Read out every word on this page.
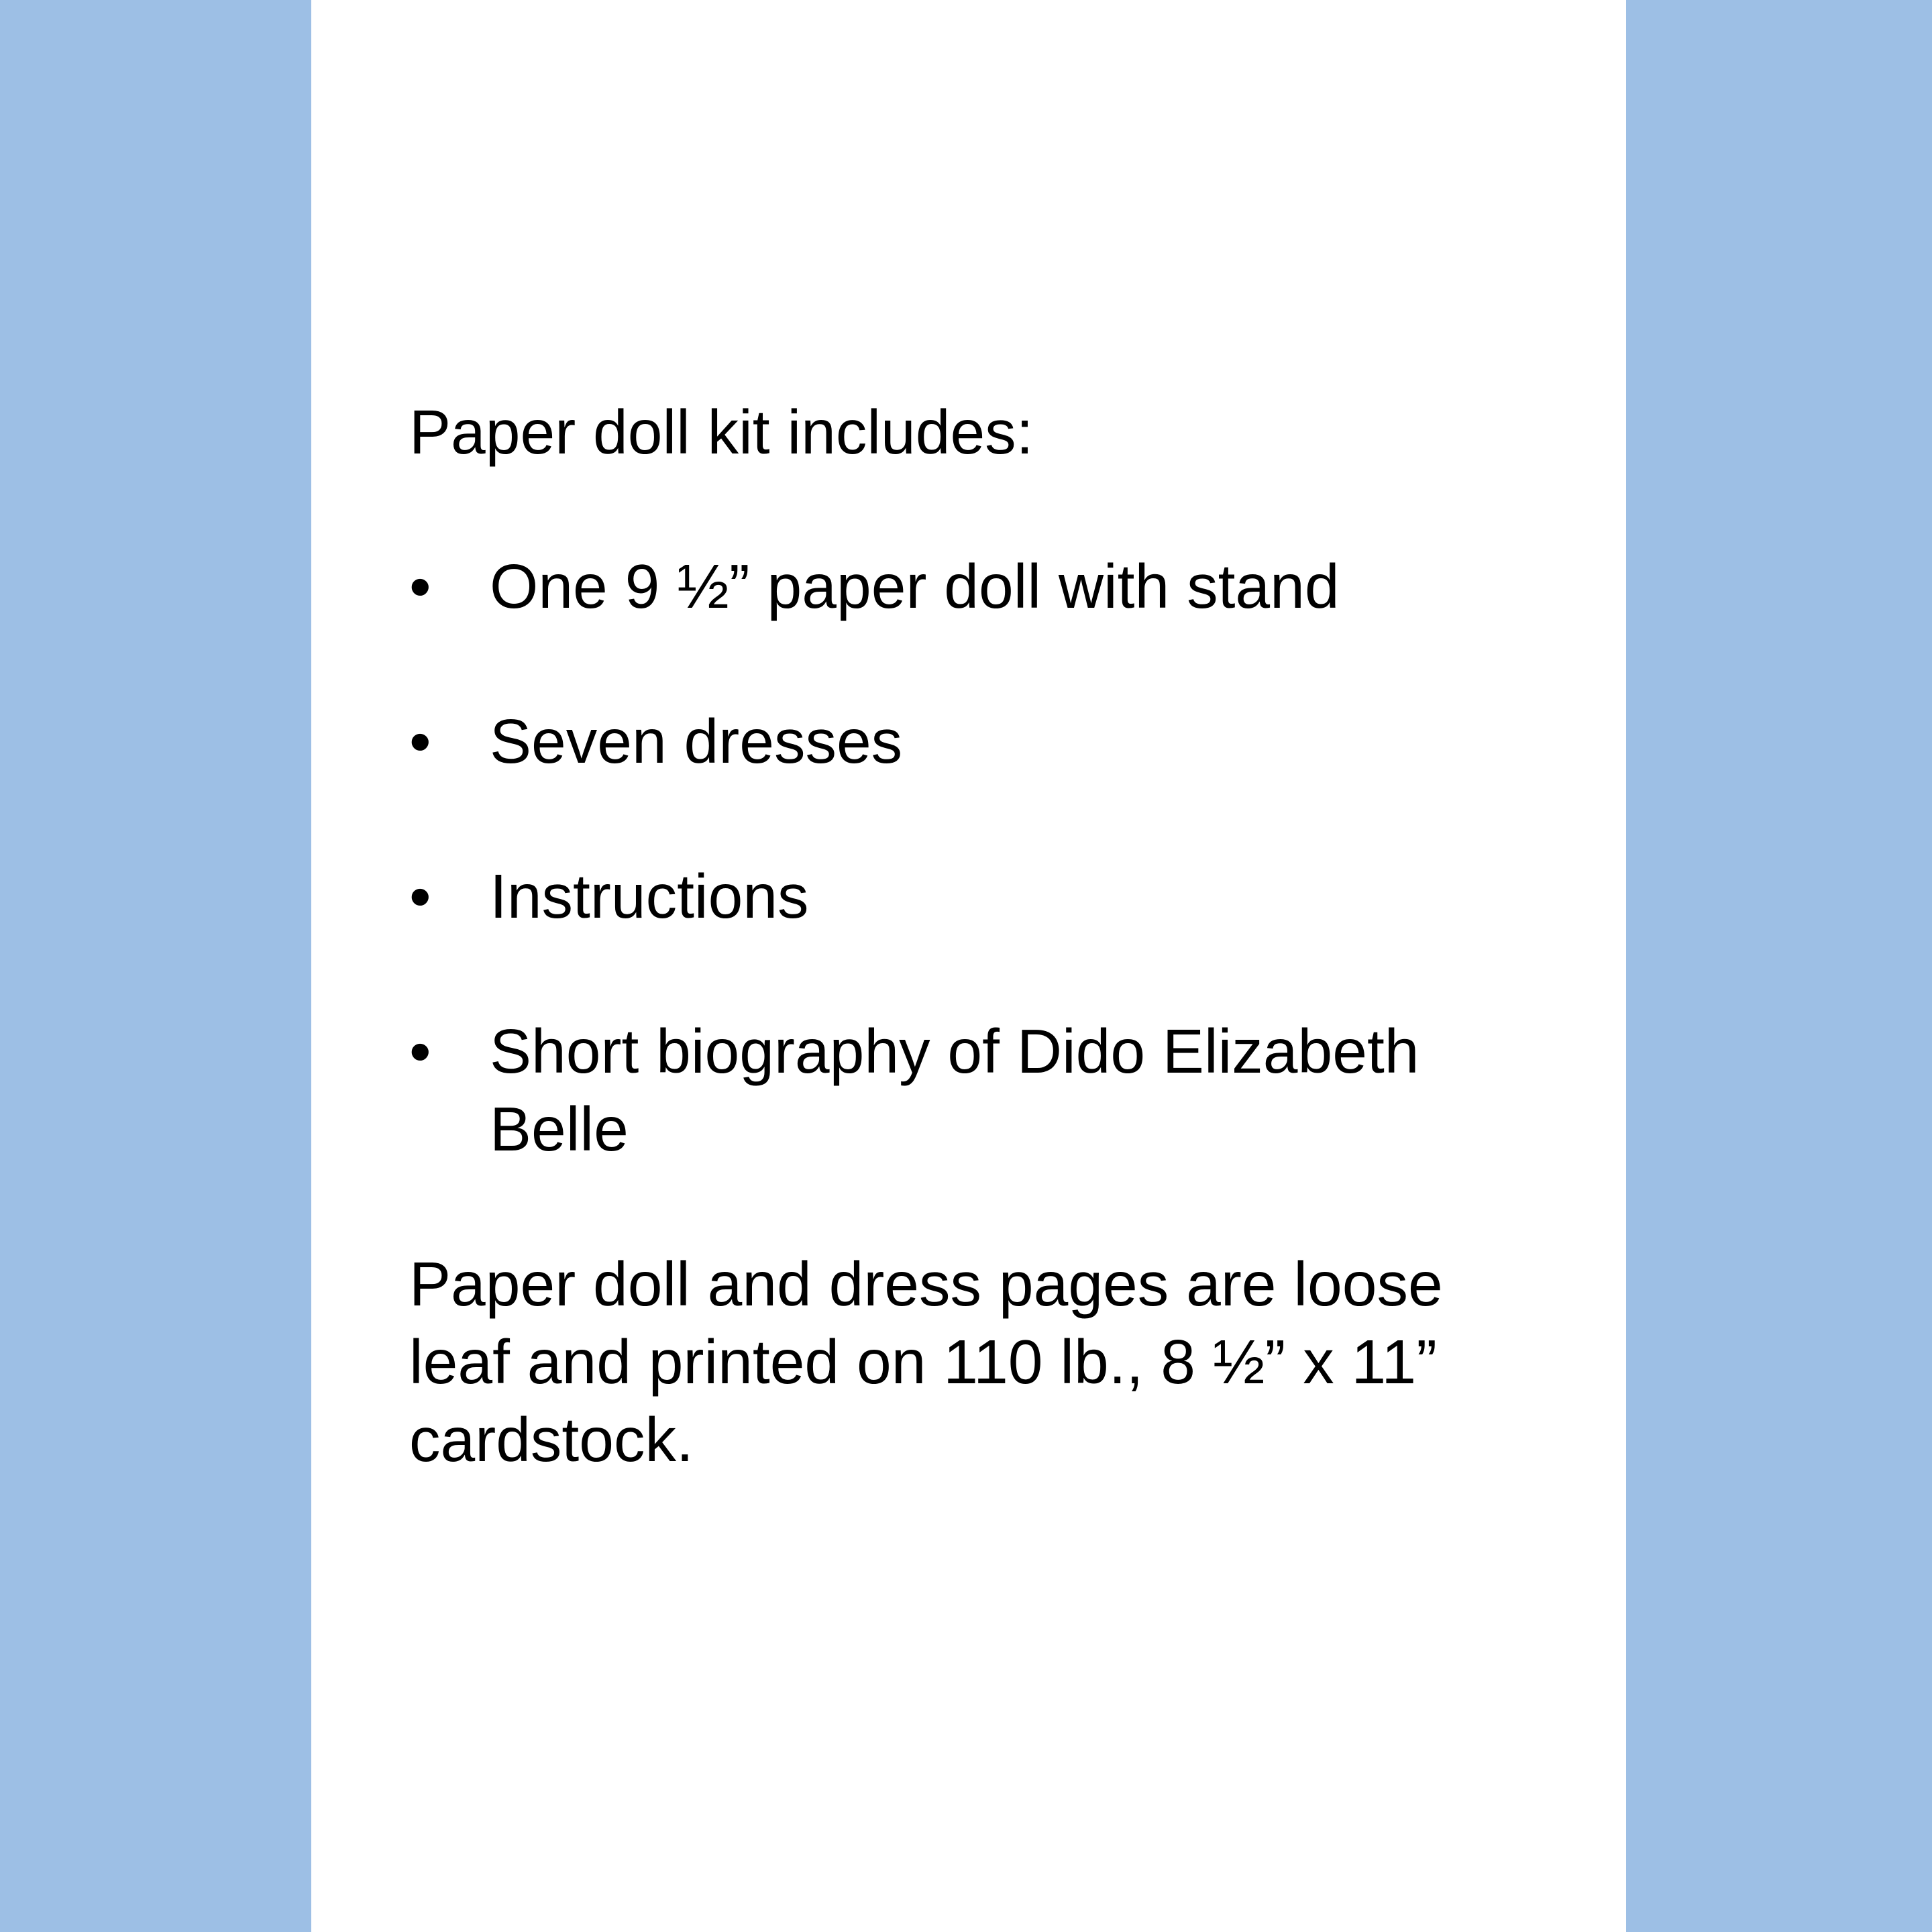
Paper doll kit includes:

• One 9 ½” paper doll with stand
• Seven dresses
• Instructions
• Short biography of Dido Elizabeth
Belle

Paper doll and dress pages are loose
leaf and printed on 110 lb., 8 ½” x 11”
cardstock.
